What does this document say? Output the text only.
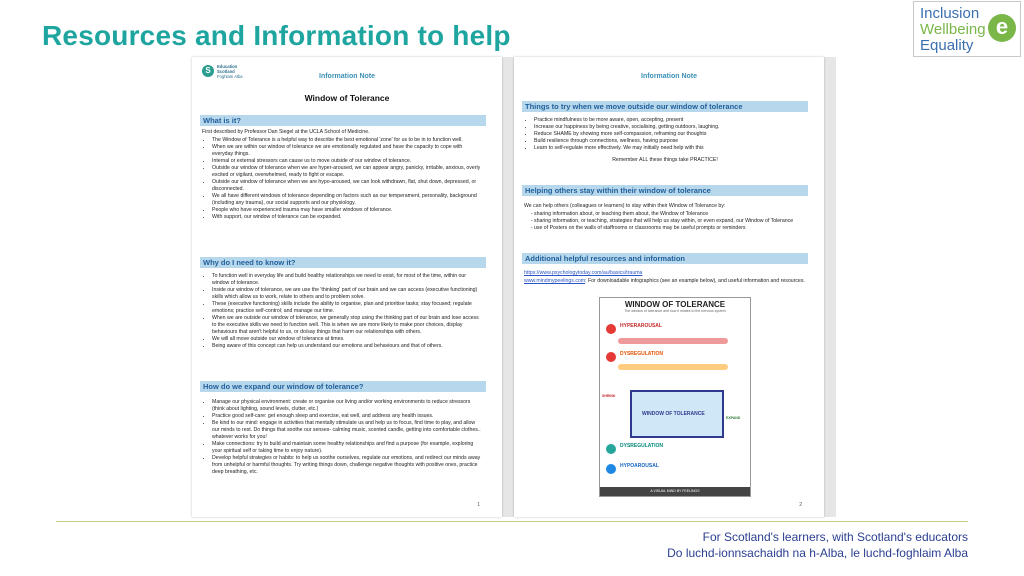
Resources and Information to help
Inclusion
Wellbeing
Equality
e
S	Education
Scotland
Foghlam Alba	Information Note
Window of Tolerance
What is it?

First described by Professor Dan Siegel at the UCLA School of Medicine.

• The Window of Tolerance is a helpful way to describe the best emotional 'zone' for us to be in to function well.
• When we are within our window of tolerance we are emotionally regulated and have the capacity to cope with everyday things.
• Internal or external stressors can cause us to move outside of our window of tolerance.
• Outside our window of tolerance when we are hyper-aroused, we can appear angry, panicky, irritable, anxious, overly excited or vigilant, overwhelmed, ready to fight or escape.
• Outside our window of tolerance when we are hypo-aroused, we can look withdrawn, flat, shut down, depressed, or disconnected.
• We all have different windows of tolerance depending on factors such as our temperament, personality, background (including any trauma), our social supports and our physiology.
• People who have experienced trauma may have smaller windows of tolerance.
• With support, our window of tolerance can be expanded.
Why do I need to know it?
• To function well in everyday life and build healthy relationships we need to exist, for most of the time, within our window of tolerance.
• Inside our window of tolerance, we are use the 'thinking' part of our brain and we can access (executive functioning) skills which allow us to work, relate to others and to problem solve.
• These (executive functioning) skills include the ability to organise, plan and prioritise tasks; stay focused; regulate emotions; practice self-control; and manage our time.
• When we are outside our window of tolerance, we generally stop using the thinking part of our brain and lose access to the executive skills we need to function well. This is when we are more likely to make poor choices, display behaviours that aren't helpful to us, or do/say things that harm our relationships with others.
• We will all move outside our window of tolerance at times.
• Being aware of this concept can help us understand our emotions and behaviours and that of others.
How do we expand our window of tolerance?
• Manage our physical environment: create or organise our living and/or working environments to reduce stressors (think about lighting, sound levels, clutter, etc.)
• Practice good self-care: get enough sleep and exercise, eat well, and address any health issues.
• Be kind to our mind: engage in activities that mentally stimulate us and help us to focus, find time to play, and allow our minds to rest. Do things that soothe our senses- calming music, scented candle, getting into comfortable clothes.. whatever works for you!
• Make connections: try to build and maintain some healthy relationships and find a purpose (for example, exploring your spiritual self or taking time to enjoy nature).
• Develop helpful strategies or habits: to help us soothe ourselves, regulate our emotions, and redirect our minds away from unhelpful or harmful thoughts. Try writing things down, challenge negative thoughts with positive ones, practice deep breathing, etc.
1
Information Note
Things to try when we move outside our window of tolerance
• Practice mindfulness to be more aware, open, accepting, present
• Increase our happiness by being creative, socialising, getting outdoors, laughing.
• Reduce SHAME by showing more self-compassion, reframing our thoughts
• Build resilience through connections, wellness, having purpose
• Learn to self-regulate more effectively. We may initially need help with this

Remember ALL these things take PRACTICE!

Helping others stay within their window of tolerance

We can help others (colleagues or learners) to stay within their Window of Tolerance by:

- sharing information about, or teaching them about, the Window of Tolerance
- sharing information, or teaching, strategies that will help us stay within, or even expand, our Window of Tolerance
- use of Posters on the walls of staffrooms or classrooms may be useful prompts or reminders
Additional helpful resources and information

https://www.psychologytoday.com/au/basics/trauma

www.mindmypeelings.com: For downloadable infographics (see an example below), and useful information and resources.

WINDOW OF TOLERANCE
The window of tolerance and how it relates to the nervous system
HYPERAROUSAL
DYSREGULATION
SHRINK
WINDOW OF TOLERANCE
EXPAND
DYSREGULATION
HYPOAROUSAL
A VISUAL MIND BY FEELINGS
2
For Scotland's learners, with Scotland's educators
Do luchd-ionnsachaidh na h-Alba, le luchd-foghlaim Alba
